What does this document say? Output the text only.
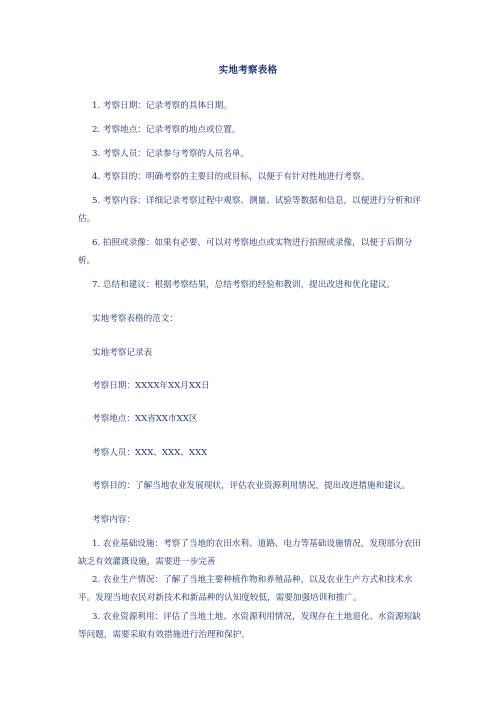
实地考察表格
1. 考察日期：记录考察的具体日期。
2. 考察地点：记录考察的地点或位置。
3. 考察人员：记录参与考察的人员名单。
4. 考察目的：明确考察的主要目的或目标，以便于有针对性地进行考察。
5. 考察内容：详细记录考察过程中观察、测量、试验等数据和信息，以便进行分析和评估。
6. 拍照或录像：如果有必要，可以对考察地点或实物进行拍照或录像，以便于后期分析。
7. 总结和建议：根据考察结果，总结考察的经验和教训，提出改进和优化建议。
实地考察表格的范文：
实地考察记录表
考察日期：XXXX年XX月XX日
考察地点：XX省XX市XX区
考察人员：XXX、XXX、XXX
考察目的：了解当地农业发展现状，评估农业资源利用情况，提出改进措施和建议。
考察内容：
1. 农业基础设施：考察了当地的农田水利、道路、电力等基础设施情况，发现部分农田缺乏有效灌溉设施，需要进一步完善
2. 农业生产情况：了解了当地主要种植作物和养殖品种，以及农业生产方式和技术水平。发现当地农民对新技术和新品种的认知度较低，需要加强培训和推广。
3. 农业资源利用：评估了当地土地、水资源利用情况，发现存在土地退化、水资源短缺等问题，需要采取有效措施进行治理和保护。
